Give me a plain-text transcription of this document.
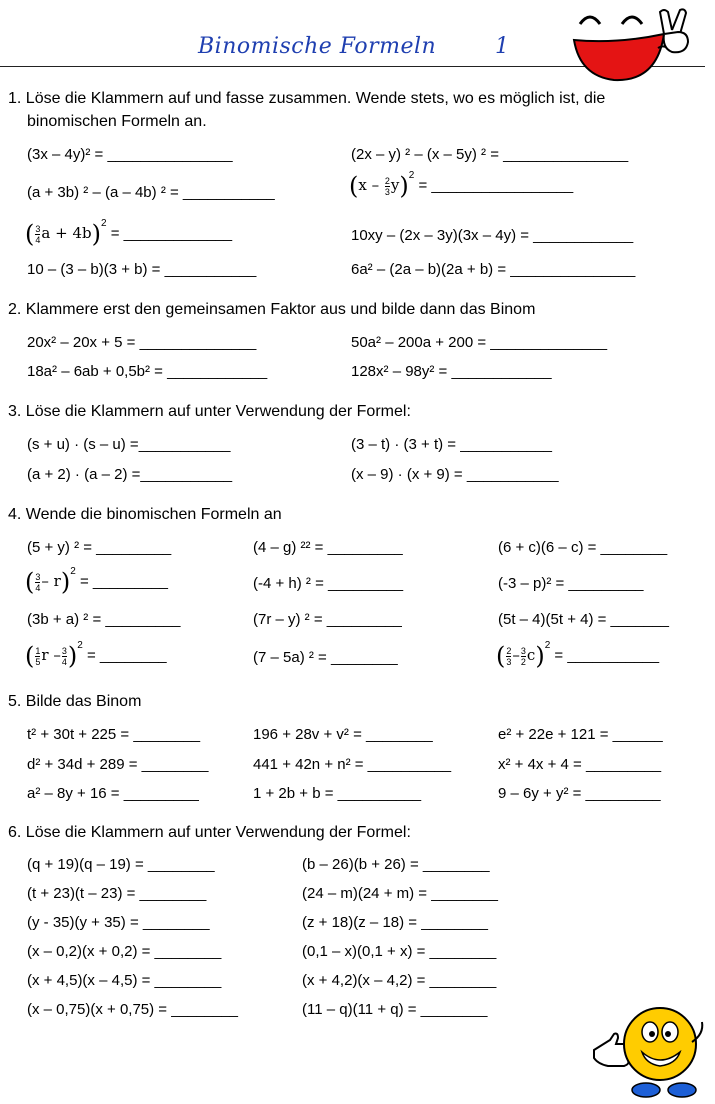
Binomische Formeln	1
1. Löse die Klammern auf und fasse zusammen. Wende stets, wo es möglich ist, die
binomischen Formeln an.
(3x – 4y)² = _______________	(2x – y) ² – (x – 5y) ² = _______________
(a + 3b) ² – (a – 4b) ² = ___________	$(x - \frac{2}{3} y)^2$ = _________________
( $\frac{3}{4}$ a + 4b)$^2$ = _____________	10xy – (2x – 3y)(3x – 4y) = ____________
10 – (3 – b)(3 + b) = ___________	6a² – (2a – b)(2a + b) = _______________
2. Klammere erst den gemeinsamen Faktor aus und bilde dann das Binom
20x² – 20x + 5 = ______________	50a² – 200a + 200 = ______________
18a² – 6ab + 0,5b² = ____________	128x² – 98y² = ____________
3. Löse die Klammern auf unter Verwendung der Formel:
(s + u) · (s – u) =___________	(3 – t) · (3 + t) = ___________
(a + 2) · (a – 2) =___________	(x – 9) · (x + 9) = ___________
4. Wende die binomischen Formeln an
(5 + y) ² = _________	(4 – g) ²² = _________	(6 + c)(6 – c) = ________
( $\frac{3}{4} - r)^2$ = _________	(-4 + h) ² = _________	(-3 – p)² = _________
(3b + a) ² = _________	(7r – y) ² = _________	(5t – 4)(5t + 4) = _______
( $\frac{1}{5}$ r – $\frac{3}{4} )^2$ = ________	(7 – 5a) ² = ________	( $\frac{2}{3} - \frac{3}{2} c)^2$ = ___________
5. Bilde das Binom
t² + 30t + 225 = ________	196 + 28v + v² = ________	e² + 22e + 121 = ______
d² + 34d + 289 = ________	441 + 42n + n² = __________	x² + 4x + 4 = _________
a² – 8y + 16 = _________	1 + 2b + b = __________	9 – 6y + y² = _________
6. Löse die Klammern auf unter Verwendung der Formel:
(q + 19)(q – 19) = ________	(b – 26)(b + 26) = ________
(t + 23)(t – 23) = ________	(24 – m)(24 + m) = ________
(y - 35)(y + 35) = ________	(z + 18)(z – 18) = ________
(x – 0,2)(x + 0,2) = ________	(0,1 – x)(0,1 + x) = ________
(x + 4,5)(x – 4,5) = ________	(x + 4,2)(x – 4,2) = ________
(x – 0,75)(x + 0,75) = ________	(11 – q)(11 + q) = ________
